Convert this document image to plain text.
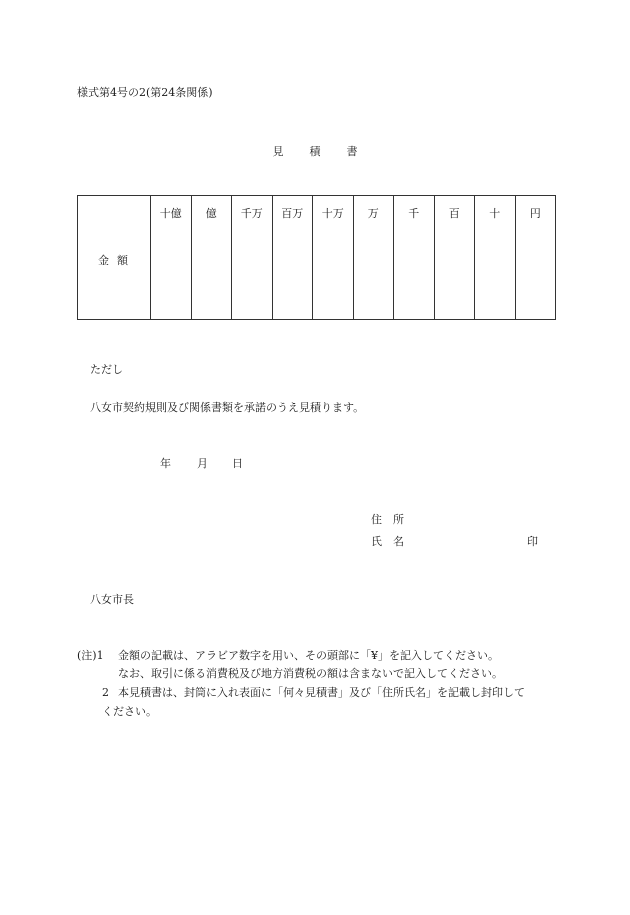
様式第4号の2(第24条関係)
見積書
金額
十億	億	千万	百万	十万	万	千	百	十	円
ただし
八女市契約規則及び関係書類を承諾のうえ見積ります。
年 月 日
住　所
氏　名	印
八女市長
(注)1 金額の記載は、アラビア数字を用い、その頭部に「¥」を記入してください。
なお、取引に係る消費税及び地方消費税の額は含まないで記入してください。
2 本見積書は、封筒に入れ表面に「何々見積書」及び「住所氏名」を記載し封印して
ください。
